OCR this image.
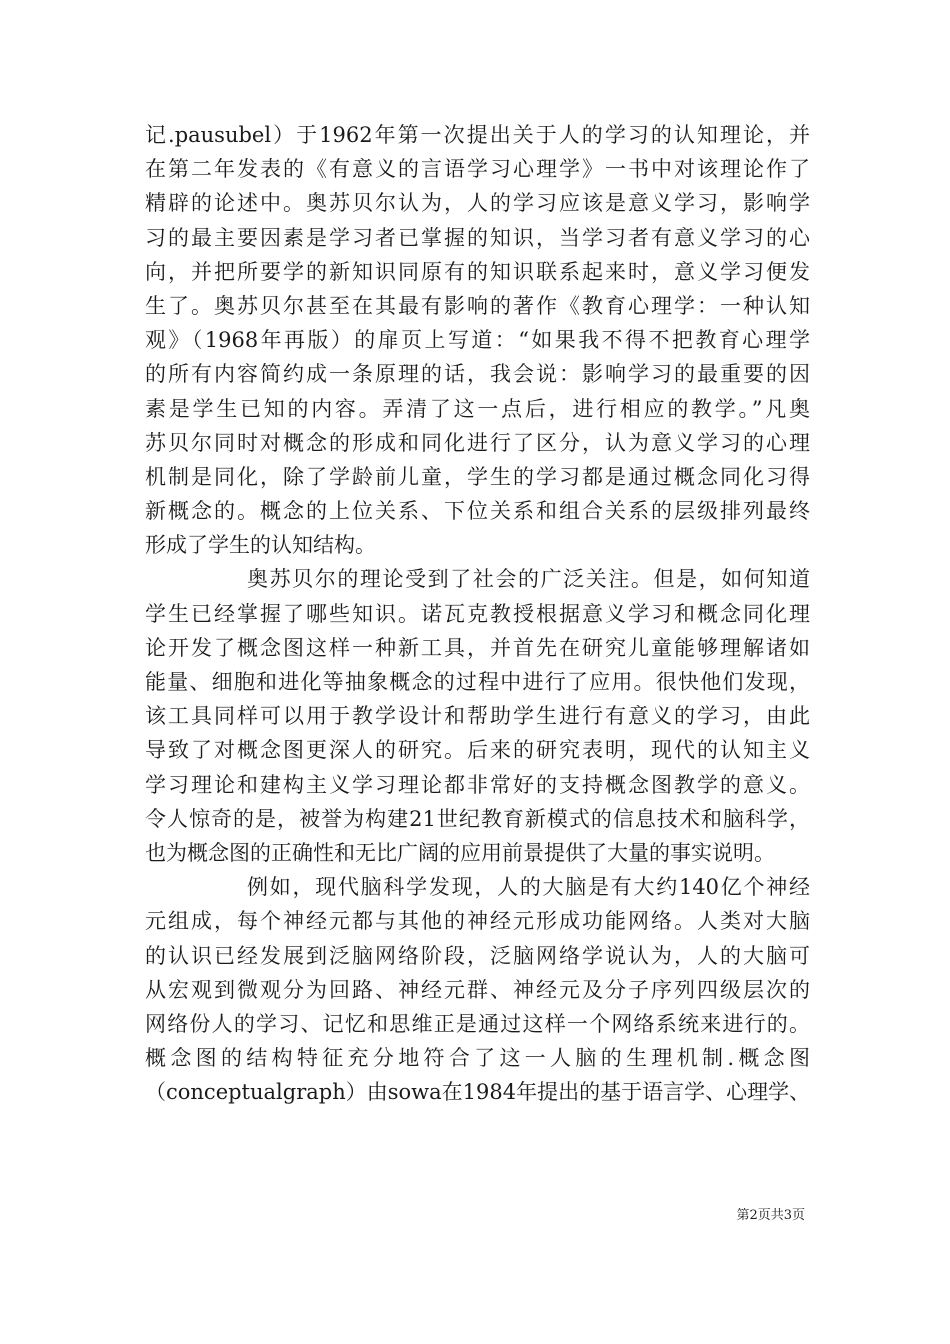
记.pausubel）于1962年第一次提出关于人的学习的认知理论，并
在第二年发表的《有意义的言语学习心理学》一书中对该理论作了
精辟的论述中。奥苏贝尔认为，人的学习应该是意义学习，影响学
习的最主要因素是学习者已掌握的知识，当学习者有意义学习的心
向，并把所要学的新知识同原有的知识联系起来时，意义学习便发
生了。奥苏贝尔甚至在其最有影响的著作《教育心理学：一种认知
观》（1968年再版）的扉页上写道：“如果我不得不把教育心理学
的所有内容简约成一条原理的话，我会说：影响学习的最重要的因
素是学生已知的内容。弄清了这一点后，进行相应的教学。”凡奥
苏贝尔同时对概念的形成和同化进行了区分，认为意义学习的心理
机制是同化，除了学龄前儿童，学生的学习都是通过概念同化习得
新概念的。概念的上位关系、下位关系和组合关系的层级排列最终
形成了学生的认知结构。
奥苏贝尔的理论受到了社会的广泛关注。但是，如何知道
学生已经掌握了哪些知识。诺瓦克教授根据意义学习和概念同化理
论开发了概念图这样一种新工具，并首先在研究儿童能够理解诸如
能量、细胞和进化等抽象概念的过程中进行了应用。很快他们发现，
该工具同样可以用于教学设计和帮助学生进行有意义的学习，由此
导致了对概念图更深人的研究。后来的研究表明，现代的认知主义
学习理论和建构主义学习理论都非常好的支持概念图教学的意义。
令人惊奇的是，被誉为构建21世纪教育新模式的信息技术和脑科学，
也为概念图的正确性和无比广阔的应用前景提供了大量的事实说明。
例如，现代脑科学发现，人的大脑是有大约140亿个神经
元组成，每个神经元都与其他的神经元形成功能网络。人类对大脑
的认识已经发展到泛脑网络阶段，泛脑网络学说认为，人的大脑可
从宏观到微观分为回路、神经元群、神经元及分子序列四级层次的
网络份人的学习、记忆和思维正是通过这样一个网络系统来进行的。
概念图的结构特征充分地符合了这一人脑的生理机制.概念图
（conceptualgraph）由sowa在1984年提出的基于语言学、心理学、
第2页共3页
